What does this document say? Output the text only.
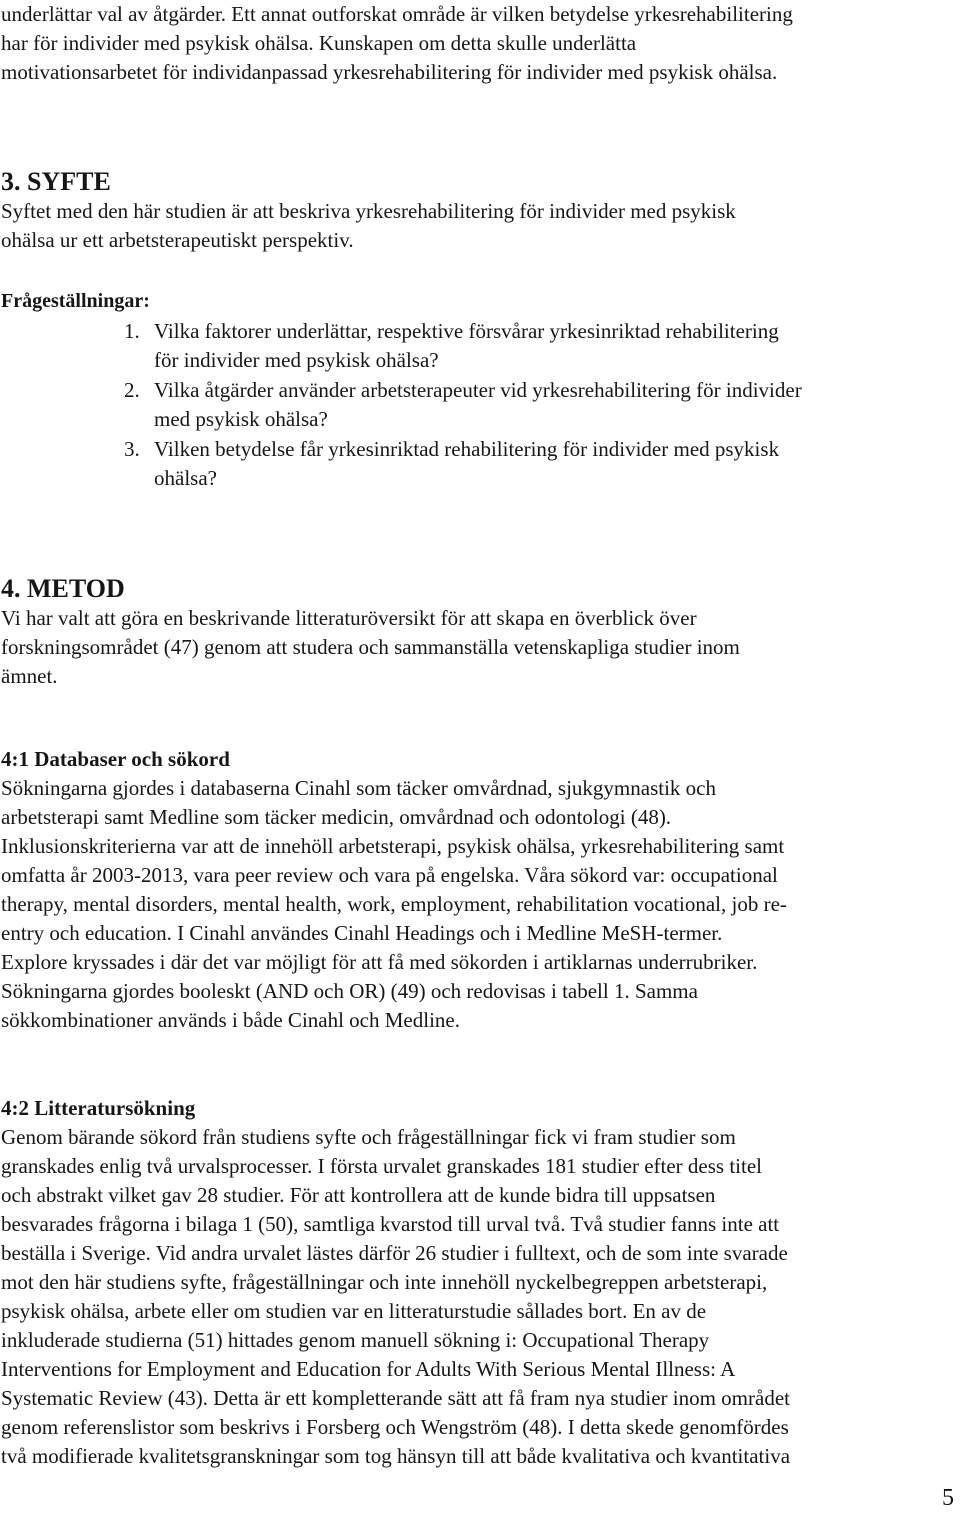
underlättar val av åtgärder. Ett annat outforskat område är vilken betydelse yrkesrehabilitering
har för individer med psykisk ohälsa. Kunskapen om detta skulle underlätta
motivationsarbetet för individanpassad yrkesrehabilitering för individer med psykisk ohälsa.
3. SYFTE
Syftet med den här studien är att beskriva yrkesrehabilitering för individer med psykisk
ohälsa ur ett arbetsterapeutiskt perspektiv.
Frågeställningar:
1. Vilka faktorer underlättar, respektive försvårar yrkesinriktad rehabilitering
för individer med psykisk ohälsa?
2. Vilka åtgärder använder arbetsterapeuter vid yrkesrehabilitering för individer
med psykisk ohälsa?
3. Vilken betydelse får yrkesinriktad rehabilitering för individer med psykisk
ohälsa?
4. METOD
Vi har valt att göra en beskrivande litteraturöversikt för att skapa en överblick över
forskningsområdet (47) genom att studera och sammanställa vetenskapliga studier inom
ämnet.
4:1 Databaser och sökord
Sökningarna gjordes i databaserna Cinahl som täcker omvårdnad, sjukgymnastik och
arbetsterapi samt Medline som täcker medicin, omvårdnad och odontologi (48).
Inklusionskriterierna var att de innehöll arbetsterapi, psykisk ohälsa, yrkesrehabilitering samt
omfatta år 2003-2013, vara peer review och vara på engelska. Våra sökord var: occupational
therapy, mental disorders, mental health, work, employment, rehabilitation vocational, job re-
entry och education. I Cinahl användes Cinahl Headings och i Medline MeSH-termer.
Explore kryssades i där det var möjligt för att få med sökorden i artiklarnas underrubriker.
Sökningarna gjordes booleskt (AND och OR) (49) och redovisas i tabell 1. Samma
sökkombinationer används i både Cinahl och Medline.
4:2 Litteratursökning
Genom bärande sökord från studiens syfte och frågeställningar fick vi fram studier som
granskades enlig två urvalsprocesser. I första urvalet granskades 181 studier efter dess titel
och abstrakt vilket gav 28 studier. För att kontrollera att de kunde bidra till uppsatsen
besvarades frågorna i bilaga 1 (50), samtliga kvarstod till urval två. Två studier fanns inte att
beställa i Sverige. Vid andra urvalet lästes därför 26 studier i fulltext, och de som inte svarade
mot den här studiens syfte, frågeställningar och inte innehöll nyckelbegreppen arbetsterapi,
psykisk ohälsa, arbete eller om studien var en litteraturstudie sållades bort. En av de
inkluderade studierna (51) hittades genom manuell sökning i: Occupational Therapy
Interventions for Employment and Education for Adults With Serious Mental Illness: A
Systematic Review (43). Detta är ett kompletterande sätt att få fram nya studier inom området
genom referenslistor som beskrivs i Forsberg och Wengström (48). I detta skede genomfördes
två modifierade kvalitetsgranskningar som tog hänsyn till att både kvalitativa och kvantitativa
5
